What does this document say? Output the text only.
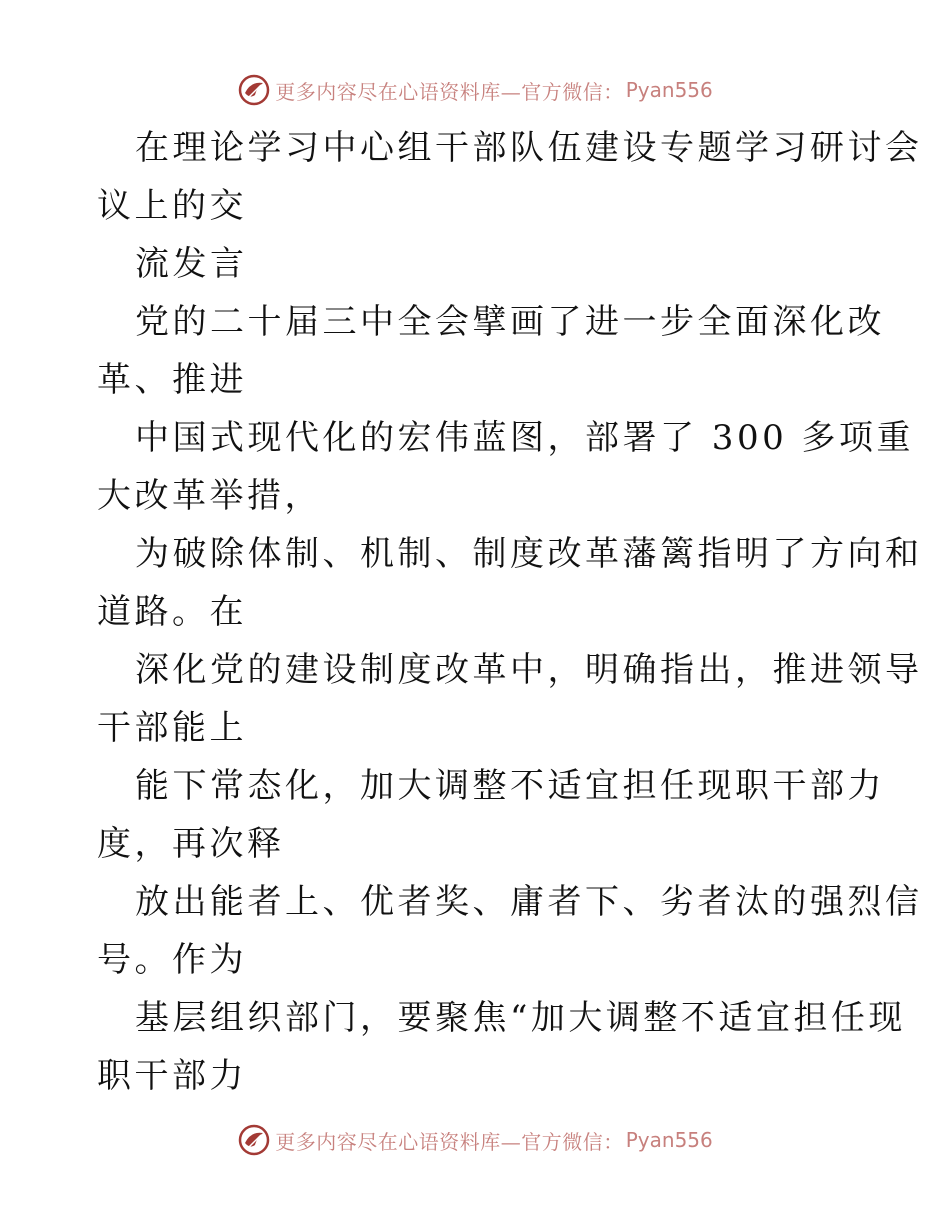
更多内容尽在心语资料库—官方微信： Pyan556
在理论学习中心组干部队伍建设专题学习研讨会
议上的交
流发言
党的二十届三中全会擘画了进一步全面深化改
革、推进
中国式现代化的宏伟蓝图，部署了 300 多项重
大改革举措，
为破除体制、机制、制度改革藩篱指明了方向和
道路。在
深化党的建设制度改革中，明确指出，推进领导
干部能上
能下常态化，加大调整不适宜担任现职干部力
度，再次释
放出能者上、优者奖、庸者下、劣者汰的强烈信
号。作为
基层组织部门，要聚焦“加大调整不适宜担任现
职干部力
更多内容尽在心语资料库—官方微信： Pyan556
